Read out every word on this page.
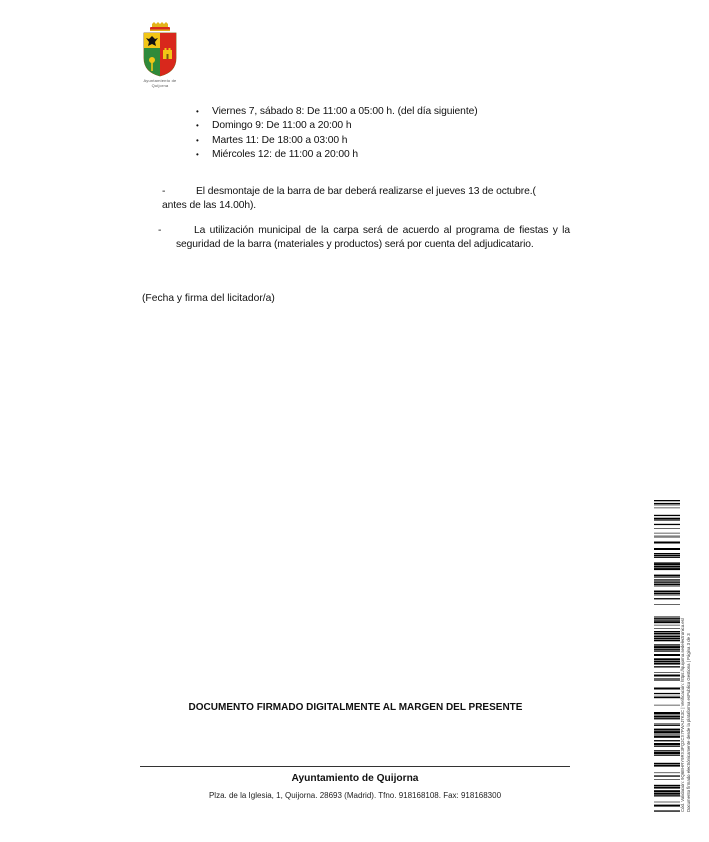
Ayuntamiento de Quijorna
• Viernes 7, sábado 8: De 11:00 a 05:00 h. (del día siguiente)
• Domingo 9: De 11:00 a 20:00 h
• Martes 11: De 18:00 a 03:00 h
• Miércoles 12: de 11:00 a 20:00 h
-	El desmontaje de la barra de bar deberá realizarse el jueves 13 de octubre.(
antes de las 14.00h).
-	La utilización municipal de la carpa será de acuerdo al programa de fiestas y la seguridad de la barra (materiales y productos) será por cuenta del adjudicatario.
(Fecha y firma del licitador/a)
DOCUMENTO FIRMADO DIGITALMENTE AL MARGEN DEL PRESENTE
Ayuntamiento de Quijorna
Plza. de la Iglesia, 1, Quijorna. 28693 (Madrid). Tfno. 918168108. Fax: 918168300	Cód. Validación: 9Q6EHRY9RX3PQ2CX7FWAJ7K3C | Verificación: https://quijorna.sedelectronica.es/ Documento firmado electrónicamente desde la plataforma esPublico Gestiona | Página 3 de 3
